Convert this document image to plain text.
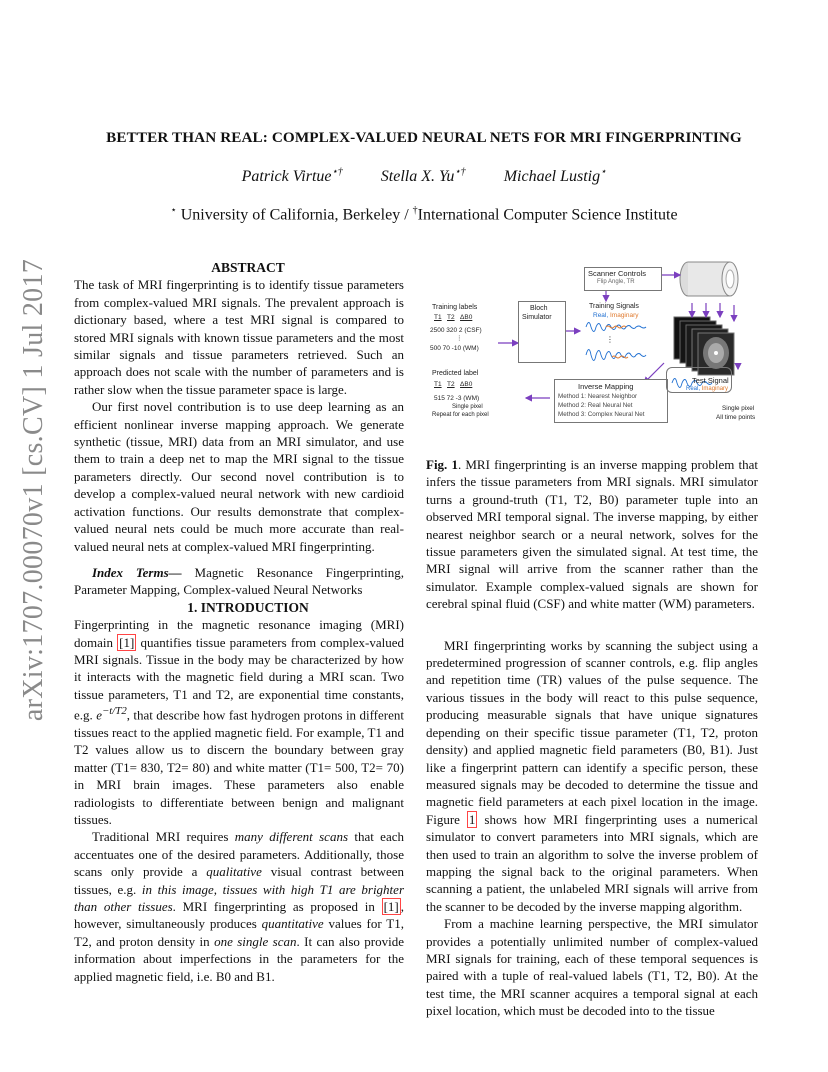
arXiv:1707.00070v1 [cs.CV] 1 Jul 2017
BETTER THAN REAL: COMPLEX-VALUED NEURAL NETS FOR MRI FINGERPRINTING
Patrick Virtue⋆† Stella X. Yu⋆† Michael Lustig⋆
⋆ University of California, Berkeley / †International Computer Science Institute

ABSTRACT

The task of MRI fingerprinting is to identify tissue parameters from complex-valued MRI signals. The prevalent approach is dictionary based, where a test MRI signal is compared to stored MRI signals with known tissue parameters and the most similar signals and tissue parameters retrieved. Such an approach does not scale with the number of parameters and is rather slow when the tissue parameter space is large.

Our first novel contribution is to use deep learning as an efficient nonlinear inverse mapping approach. We generate synthetic (tissue, MRI) data from an MRI simulator, and use them to train a deep net to map the MRI signal to the tissue parameters directly. Our second novel contribution is to develop a complex-valued neural network with new cardioid activation functions. Our results demonstrate that complex-valued neural nets could be much more accurate than real-valued neural nets at complex-valued MRI fingerprinting.

Index Terms— Magnetic Resonance Fingerprinting, Parameter Mapping, Complex-valued Neural Networks

1. INTRODUCTION

Fingerprinting in the magnetic resonance imaging (MRI) domain [1] quantifies tissue parameters from complex-valued MRI signals. Tissue in the body may be characterized by how it interacts with the magnetic field during a MRI scan. Two tissue parameters, T1 and T2, are exponential time constants, e.g. $e^{-t/T2}$, that describe how fast hydrogen protons in different tissues react to the applied magnetic field. For example, T1 and T2 values allow us to discern the boundary between gray matter (T1= 830, T2= 80) and white matter (T1= 500, T2= 70) in MRI brain images. These parameters also enable radiologists to differentiate between benign and malignant tissues.

Traditional MRI requires many different scans that each accentuates one of the desired parameters. Additionally, those scans only provide a qualitative visual contrast between tissues, e.g. in this image, tissues with high T1 are brighter than other tissues. MRI fingerprinting as proposed in [1] , however, simultaneously produces quantitative values for T1, T2, and proton density in one single scan. It can also provide information about imperfections in the parameters for the applied magnetic field, i.e. B0 and B1.

Scanner Controls
Flip Angle, TR
Training labels
T1 T2 ΔB0
2500 320 2 (CSF)
⋮
500 70 -10 (WM)
Bloch
Simulator
Training Signals
Real, Imaginary
⋮
Predicted label
T1 T2 ΔB0
515 72 -3 (WM)
Single pixel
Repeat for each pixel
Inverse Mapping
Method 1: Nearest Neighbor
Method 2: Real Neural Net
Method 3: Complex Neural Net
Test Signal
Real, Imaginary
Single pixel
All time points

Fig. 1. MRI fingerprinting is an inverse mapping problem that infers the tissue parameters from MRI signals. MRI simulator turns a ground-truth (T1, T2, B0) parameter tuple into an observed MRI temporal signal. The inverse mapping, by either nearest neighbor search or a neural network, solves for the tissue parameters given the simulated signal. At test time, the MRI signal will arrive from the scanner rather than the simulator. Example complex-valued signals are shown for cerebral spinal fluid (CSF) and white matter (WM) parameters.

MRI fingerprinting works by scanning the subject using a predetermined progression of scanner controls, e.g. flip angles and repetition time (TR) values of the pulse sequence. The various tissues in the body will react to this pulse sequence, producing measurable signals that have unique signatures depending on their specific tissue parameter (T1, T2, proton density) and applied magnetic field parameters (B0, B1). Just like a fingerprint pattern can identify a specific person, these measured signals may be decoded to determine the tissue and magnetic field parameters at each pixel location in the image. Figure 1 shows how MRI fingerprinting uses a numerical simulator to convert parameters into MRI signals, which are then used to train an algorithm to solve the inverse problem of mapping the signal back to the original parameters. When scanning a patient, the unlabeled MRI signals will arrive from the scanner to be decoded by the inverse mapping algorithm.

From a machine learning perspective, the MRI simulator provides a potentially unlimited number of complex-valued MRI signals for training, each of these temporal sequences is paired with a tuple of real-valued labels (T1, T2, B0). At the test time, the MRI scanner acquires a temporal signal at each pixel location, which must be decoded into to the tissue
